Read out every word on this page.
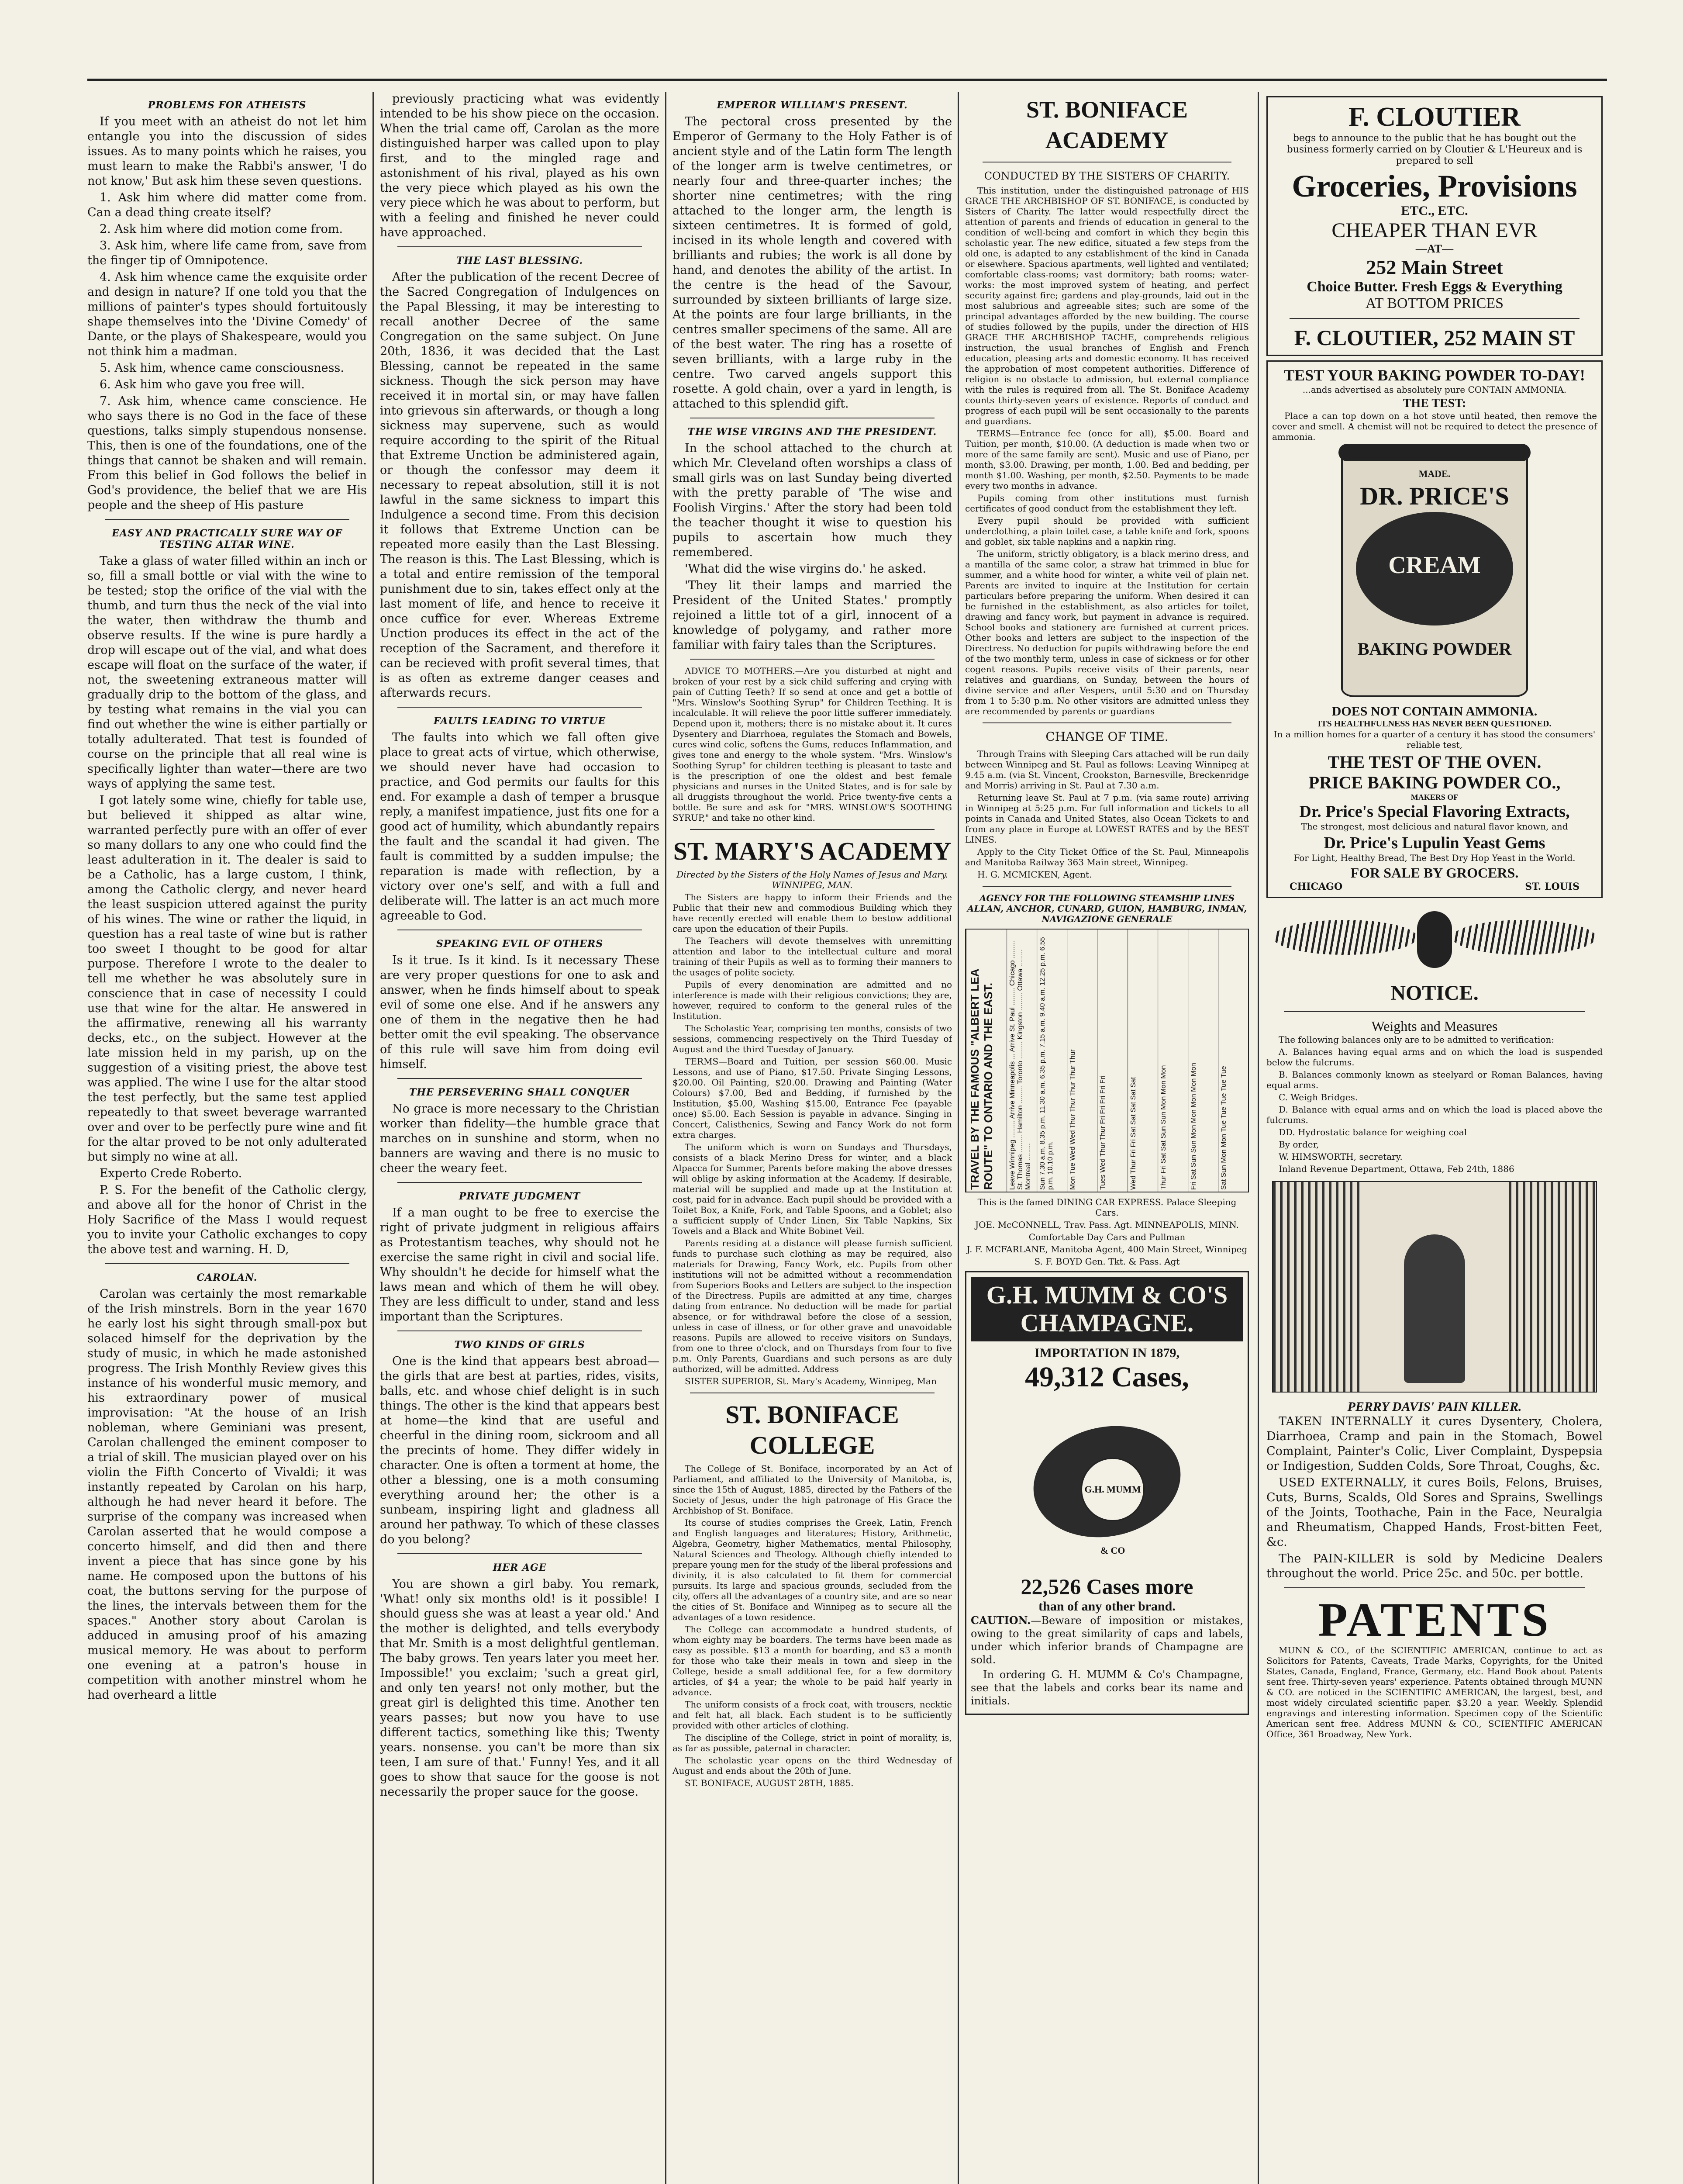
PROBLEMS FOR ATHEISTS

If you meet with an atheist do not let him entangle you into the discussion of sides issues. As to many points which he raises, you must learn to make the Rabbi's answer, 'I do not know,' But ask him these seven questions.

1. Ask him where did matter come from. Can a dead thing create itself?

2. Ask him where did motion come from.

3. Ask him, where life came from, save from the finger tip of Omnipotence.

4. Ask him whence came the exquisite order and design in nature? If one told you that the millions of painter's types should fortuitously shape themselves into the 'Divine Comedy' of Dante, or the plays of Shakespeare, would you not think him a madman.

5. Ask him, whence came consciousness.

6. Ask him who gave you free will.

7. Ask him, whence came conscience. He who says there is no God in the face of these questions, talks simply stupendous nonsense. This, then is one of the foundations, one of the things that cannot be shaken and will remain. From this belief in God follows the belief in God's providence, the belief that we are His people and the sheep of His pasture

EASY AND PRACTICALLY SURE WAY OF TESTING ALTAR WINE.

Take a glass of water filled within an inch or so, fill a small bottle or vial with the wine to be tested; stop the orifice of the vial with the thumb, and turn thus the neck of the vial into the water, then withdraw the thumb and observe results. If the wine is pure hardly a drop will escape out of the vial, and what does escape will float on the surface of the water, if not, the sweetening extraneous matter will gradually drip to the bottom of the glass, and by testing what remains in the vial you can find out whether the wine is either partially or totally adulterated. That test is founded of course on the principle that all real wine is specifically lighter than water—there are two ways of applying the same test.

I got lately some wine, chiefly for table use, but believed it shipped as altar wine, warranted perfectly pure with an offer of ever so many dollars to any one who could find the least adulteration in it. The dealer is said to be a Catholic, has a large custom, I think, among the Catholic clergy, and never heard the least suspicion uttered against the purity of his wines. The wine or rather the liquid, in question has a real taste of wine but is rather too sweet I thought to be good for altar purpose. Therefore I wrote to the dealer to tell me whether he was absolutely sure in conscience that in case of necessity I could use that wine for the altar. He answered in the affirmative, renewing all his warranty decks, etc., on the subject. However at the late mission held in my parish, up on the suggestion of a visiting priest, the above test was applied. The wine I use for the altar stood the test perfectly, but the same test applied repeatedly to that sweet beverage warranted over and over to be perfectly pure wine and fit for the altar proved to be not only adulterated but simply no wine at all.

Experto Crede Roberto.

P. S. For the benefit of the Catholic clergy, and above all for the honor of Christ in the Holy Sacrifice of the Mass I would request you to invite your Catholic exchanges to copy the above test and warning. H. D,

CAROLAN.

Carolan was certainly the most remarkable of the Irish minstrels. Born in the year 1670 he early lost his sight through small-pox but solaced himself for the deprivation by the study of music, in which he made astonished progress. The Irish Monthly Review gives this instance of his wonderful music memory, and his extraordinary power of musical improvisation: "At the house of an Irish nobleman, where Geminiani was present, Carolan challenged the eminent composer to a trial of skill. The musician played over on his violin the Fifth Concerto of Vivaldi; it was instantly repeated by Carolan on his harp, although he had never heard it before. The surprise of the company was increased when Carolan asserted that he would compose a concerto himself, and did then and there invent a piece that has since gone by his name. He composed upon the buttons of his coat, the buttons serving for the purpose of the lines, the intervals between them for the spaces." Another story about Carolan is adduced in amusing proof of his amazing musical memory. He was about to perform one evening at a patron's house in competition with another minstrel whom he had overheard a little

previously practicing what was evidently intended to be his show piece on the occasion. When the trial came off, Carolan as the more distinguished harper was called upon to play first, and to the mingled rage and astonishment of his rival, played as his own the very piece which played as his own the very piece which he was about to perform, but with a feeling and finished he never could have approached.

THE LAST BLESSING.

After the publication of the recent Decree of the Sacred Congregation of Indulgences on the Papal Blessing, it may be interesting to recall another Decree of the same Congregation on the same subject. On June 20th, 1836, it was decided that the Last Blessing, cannot be repeated in the same sickness. Though the sick person may have received it in mortal sin, or may have fallen into grievous sin afterwards, or though a long sickness may supervene, such as would require according to the spirit of the Ritual that Extreme Unction be administered again, or though the confessor may deem it necessary to repeat absolution, still it is not lawful in the same sickness to impart this Indulgence a second time. From this decision it follows that Extreme Unction can be repeated more easily than the Last Blessing. The reason is this. The Last Blessing, which is a total and entire remission of the temporal punishment due to sin, takes effect only at the last moment of life, and hence to receive it once cuffice for ever. Whereas Extreme Unction produces its effect in the act of the reception of the Sacrament, and therefore it can be recieved with profit several times, that is as often as extreme danger ceases and afterwards recurs.

FAULTS LEADING TO VIRTUE

The faults into which we fall often give place to great acts of virtue, which otherwise, we should never have had occasion to practice, and God permits our faults for this end. For example a dash of temper a brusque reply, a manifest impatience, just fits one for a good act of humility, which abundantly repairs the fault and the scandal it had given. The fault is committed by a sudden impulse; the reparation is made with reflection, by a victory over one's self, and with a full and deliberate will. The latter is an act much more agreeable to God.

SPEAKING EVIL OF OTHERS

Is it true. Is it kind. Is it necessary These are very proper questions for one to ask and answer, when he finds himself about to speak evil of some one else. And if he answers any one of them in the negative then he had better omit the evil speaking. The observance of this rule will save him from doing evil himself.

THE PERSEVERING SHALL CONQUER

No grace is more necessary to the Christian worker than fidelity—the humble grace that marches on in sunshine and storm, when no banners are waving and there is no music to cheer the weary feet.

PRIVATE JUDGMENT

If a man ought to be free to exercise the right of private judgment in religious affairs as Protestantism teaches, why should not he exercise the same right in civil and social life. Why shouldn't he decide for himself what the laws mean and which of them he will obey. They are less difficult to under, stand and less important than the Scriptures.

TWO KINDS OF GIRLS

One is the kind that appears best abroad—the girls that are best at parties, rides, visits, balls, etc. and whose chief delight is in such things. The other is the kind that appears best at home—the kind that are useful and cheerful in the dining room, sickroom and all the precints of home. They differ widely in character. One is often a torment at home, the other a blessing, one is a moth consuming everything around her; the other is a sunbeam, inspiring light and gladness all around her pathway. To which of these classes do you belong?

HER AGE

You are shown a girl baby. You remark, 'What! only six months old! is it possible! I should guess she was at least a year old.' And the mother is delighted, and tells everybody that Mr. Smith is a most delightful gentleman. The baby grows. Ten years later you meet her. Impossible!' you exclaim; 'such a great girl, and only ten years! not only mother, but the great girl is delighted this time. Another ten years passes; but now you have to use different tactics, something like this; Twenty years. nonsense. you can't be more than six teen, I am sure of that.' Funny! Yes, and it all goes to show that sauce for the goose is not necessarily the proper sauce for the goose.

EMPEROR WILLIAM'S PRESENT.

The pectoral cross presented by the Emperor of Germany to the Holy Father is of ancient style and of the Latin form The length of the longer arm is twelve centimetres, or nearly four and three-quarter inches; the shorter nine centimetres; with the ring attached to the longer arm, the length is sixteen centimetres. It is formed of gold, incised in its whole length and covered with brilliants and rubies; the work is all done by hand, and denotes the ability of the artist. In the centre is the head of the Savour, surrounded by sixteen brilliants of large size. At the points are four large brilliants, in the centres smaller specimens of the same. All are of the best water. The ring has a rosette of seven brilliants, with a large ruby in the centre. Two carved angels support this rosette. A gold chain, over a yard in length, is attached to this splendid gift.

THE WISE VIRGINS AND THE PRESIDENT.

In the school attached to the church at which Mr. Cleveland often worships a class of small girls was on last Sunday being diverted with the pretty parable of 'The wise and Foolish Virgins.' After the story had been told the teacher thought it wise to question his pupils to ascertain how much they remembered.

'What did the wise virgins do.' he asked.

'They lit their lamps and married the President of the United States.' promptly rejoined a little tot of a girl, innocent of a knowledge of polygamy, and rather more familiar with fairy tales than the Scriptures.

ADVICE TO MOTHERS.—Are you disturbed at night and broken of your rest by a sick child suffering and crying with pain of Cutting Teeth? If so send at once and get a bottle of "Mrs. Winslow's Soothing Syrup" for Children Teething. It is incalculable. It will relieve the poor little sufferer immediately. Depend upon it, mothers; there is no mistake about it. It cures Dysentery and Diarrhoea, regulates the Stomach and Bowels, cures wind colic, softens the Gums, reduces Inflammation, and gives tone and energy to the whole system. "Mrs. Winslow's Soothing Syrup" for children teething is pleasant to taste and is the prescription of one the oldest and best female physicians and nurses in the United States, and is for sale by all druggists throughout the world. Price twenty-five cents a bottle. Be sure and ask for "MRS. WINSLOW'S SOOTHING SYRUP," and take no other kind.

ST. MARY'S ACADEMY

Directed by the Sisters of the Holy Names of Jesus and Mary. WINNIPEG, MAN.

The Sisters are happy to inform their Friends and the Public that their new and commodious Building which they have recently erected will enable them to bestow additional care upon the education of their Pupils.

The Teachers will devote themselves with unremitting attention and labor to the intellectual culture and moral training of their Pupils as well as to forming their manners to the usages of polite society.

Pupils of every denomination are admitted and no interference is made with their religious convictions; they are, however, required to conform to the general rules of the Institution.

The Scholastic Year, comprising ten months, consists of two sessions, commencing respectively on the Third Tuesday of August and the third Tuesday of January.

TERMS—Board and Tuition, per session $60.00. Music Lessons, and use of Piano, $17.50. Private Singing Lessons, $20.00. Oil Painting, $20.00. Drawing and Painting (Water Colours) $7.00, Bed and Bedding, if furnished by the Institution, $5.00, Washing $15.00, Entrance Fee (payable once) $5.00. Each Session is payable in advance. Singing in Concert, Calisthenics, Sewing and Fancy Work do not form extra charges.

The uniform which is worn on Sundays and Thursdays, consists of a black Merino Dress for winter, and a black Alpacca for Summer, Parents before making the above dresses will oblige by asking information at the Academy. If desirable, material will be supplied and made up at the Institution at cost, paid for in advance. Each pupil should be provided with a Toilet Box, a Knife, Fork, and Table Spoons, and a Goblet; also a sufficient supply of Under Linen, Six Table Napkins, Six Towels and a Black and White Bobinet Veil.

Parents residing at a distance will please furnish sufficient funds to purchase such clothing as may be required, also materials for Drawing, Fancy Work, etc. Pupils from other institutions will not be admitted without a recommendation from Superiors Books and Letters are subject to the inspection of the Directress. Pupils are admitted at any time, charges dating from entrance. No deduction will be made for partial absence, or for withdrawal before the close of a session, unless in case of illness, or for other grave and unavoidable reasons. Pupils are allowed to receive visitors on Sundays, from one to three o'clock, and on Thursdays from four to five p.m. Only Parents, Guardians and such persons as are duly authorized, will be admitted. Address

SISTER SUPERIOR, St. Mary's Academy, Winnipeg, Man

ST. BONIFACE COLLEGE

The College of St. Boniface, incorporated by an Act of Parliament, and affiliated to the University of Manitoba, is, since the 15th of August, 1885, directed by the Fathers of the Society of Jesus, under the high patronage of His Grace the Archbishop of St. Boniface.

Its course of studies comprises the Greek, Latin, French and English languages and literatures; History, Arithmetic, Algebra, Geometry, higher Mathematics, mental Philosophy, Natural Sciences and Theology. Although chiefly intended to prepare young men for the study of the liberal professions and divinity, it is also calculated to fit them for commercial pursuits. Its large and spacious grounds, secluded from the city, offers all the advantages of a country site, and are so near the cities of St. Boniface and Winnipeg as to secure all the advantages of a town residence.

The College can accommodate a hundred students, of whom eighty may be boarders. The terms have been made as easy as possible. $13 a month for boarding, and $3 a month for those who take their meals in town and sleep in the College, beside a small additional fee, for a few dormitory articles, of $4 a year; the whole to be paid half yearly in advance.

The uniform consists of a frock coat, with trousers, necktie and felt hat, all black. Each student is to be sufficiently provided with other articles of clothing.

The discipline of the College, strict in point of morality, is, as far as possible, paternal in character.

The scholastic year opens on the third Wednesday of August and ends about the 20th of June.

ST. BONIFACE, AUGUST 28TH, 1885.

ST. BONIFACE ACADEMY

CONDUCTED BY THE SISTERS OF CHARITY.

This institution, under the distinguished patronage of HIS GRACE THE ARCHBISHOP OF ST. BONIFACE, is conducted by Sisters of Charity. The latter would respectfully direct the attention of parents and friends of education in general to the condition of well-being and comfort in which they begin this scholastic year. The new edifice, situated a few steps from the old one, is adapted to any establishment of the kind in Canada or elsewhere. Spacious apartments, well lighted and ventilated; comfortable class-rooms; vast dormitory; bath rooms; water-works: the most improved system of heating, and perfect security against fire; gardens and play-grounds, laid out in the most salubrious and agreeable sites; such are some of the principal advantages afforded by the new building. The course of studies followed by the pupils, under the direction of HIS GRACE THE ARCHBISHOP TACHE, comprehends religious instruction, the usual branches of English and French education, pleasing arts and domestic economy. It has received the approbation of most competent authorities. Difference of religion is no obstacle to admission, but external compliance with the rules is required from all. The St. Boniface Academy counts thirty-seven years of existence. Reports of conduct and progress of each pupil will be sent occasionally to the parents and guardians.

TERMS—Entrance fee (once for all), $5.00. Board and Tuition, per month, $10.00. (A deduction is made when two or more of the same family are sent). Music and use of Piano, per month, $3.00. Drawing, per month, 1.00. Bed and bedding, per month $1.00. Washing, per month, $2.50. Payments to be made every two months in advance.

Pupils coming from other institutions must furnish certificates of good conduct from the establishment they left.

Every pupil should be provided with sufficient underclothing, a plain toilet case, a table knife and fork, spoons and goblet, six table napkins and a napkin ring.

The uniform, strictly obligatory, is a black merino dress, and a mantilla of the same color, a straw hat trimmed in blue for summer, and a white hood for winter, a white veil of plain net. Parents are invited to inquire at the Institution for certain particulars before preparing the uniform. When desired it can be furnished in the establishment, as also articles for toilet, drawing and fancy work, but payment in advance is required. School books and stationery are furnished at current prices. Other books and letters are subject to the inspection of the Directress. No deduction for pupils withdrawing before the end of the two monthly term, unless in case of sickness or for other cogent reasons. Pupils receive visits of their parents, near relatives and guardians, on Sunday, between the hours of divine service and after Vespers, until 5:30 and on Thursday from 1 to 5:30 p.m. No other visitors are admitted unless they are recommended by parents or guardians

CHANGE OF TIME.

Through Trains with Sleeping Cars attached will be run daily between Winnipeg and St. Paul as follows: Leaving Winnipeg at 9.45 a.m. (via St. Vincent, Crookston, Barnesville, Breckenridge and Morris) arriving in St. Paul at 7.30 a.m.

Returning leave St. Paul at 7 p.m. (via same route) arriving in Winnipeg at 5:25 p.m. For full information and tickets to all points in Canada and United States, also Ocean Tickets to and from any place in Europe at LOWEST RATES and by the BEST LINES.

Apply to the City Ticket Office of the St. Paul, Minneapolis and Manitoba Railway 363 Main street, Winnipeg.

H. G. MCMICKEN, Agent.

AGENCY FOR THE FOLLOWING STEAMSHIP LINES ALLAN, ANCHOR, CUNARD, GUION, HAMBURG, INMAN, NAVIGAZIONE GENERALE

TRAVEL BY THE FAMOUS "ALBERT LEA ROUTE" TO ONTARIO AND THE EAST.	Leave Winnipeg ......... Arrive Minneapolis ... Arrive St. Paul ......... Chicago ......... St. Thomas ......... Hamilton ......... Toronto ......... Kingston ......... Ottawa ......... Montreal .........	Sun 7.30 a.m. 8.35 p.m. 11.30 a.m. 6.35 p.m. 7.15 a.m. 9.40 a.m. 12.25 p.m. 6.55 p.m. 10.10 p.m.	Mon Tue Wed Wed Thur Thur Thur Thur Thur	Tues Wed Thur Thur Fri Fri Fri Fri Fri	Wed Thur Fri Fri Sat Sat Sat Sat Sat	Thur Fri Sat Sat Sun Sun Mon Mon Mon	Fri Sat Sun Sun Mon Mon Mon Mon Mon	Sat Sun Mon Mon Tue Tue Tue Tue Tue

This is the famed DINING CAR EXPRESS. Palace Sleeping Cars.

JOE. McCONNELL, Trav. Pass. Agt. MINNEAPOLIS, MINN.

Comfortable Day Cars and Pullman

J. F. MCFARLANE, Manitoba Agent, 400 Main Street, Winnipeg

S. F. BOYD Gen. Tkt. & Pass. Agt

G.H. MUMM & CO'S CHAMPAGNE.
IMPORTATION IN 1879,
49,312 Cases,
G.H. MUMM & CO
22,526 Cases more
than of any other brand.

CAUTION.—Beware of imposition or mistakes, owing to the great similarity of caps and labels, under which inferior brands of Champagne are sold.

In ordering G. H. MUMM & Co's Champagne, see that the labels and corks bear its name and initials.

F. CLOUTIER

begs to announce to the public that he has bought out the business formerly carried on by Cloutier & L'Heureux and is prepared to sell

Groceries, Provisions
ETC., ETC.
CHEAPER THAN EVR
—AT—
252 Main Street
Choice Butter. Fresh Eggs & Everything
AT BOTTOM PRICES
F. CLOUTIER, 252 MAIN ST
TEST YOUR BAKING POWDER TO-DAY!

...ands advertised as absolutely pure CONTAIN AMMONIA.

THE TEST:

Place a can top down on a hot stove until heated, then remove the cover and smell. A chemist will not be required to detect the presence of ammonia.

MADE.
DR. PRICE'S
CREAM
BAKING POWDER
DOES NOT CONTAIN AMMONIA.
ITS HEALTHFULNESS HAS NEVER BEEN QUESTIONED.

In a million homes for a quarter of a century it has stood the consumers' reliable test,

THE TEST OF THE OVEN.
PRICE BAKING POWDER CO.,
MAKERS OF
Dr. Price's Special Flavoring Extracts,

The strongest, most delicious and natural flavor known, and

Dr. Price's Lupulin Yeast Gems

For Light, Healthy Bread, The Best Dry Hop Yeast in the World.

FOR SALE BY GROCERS.
CHICAGO	ST. LOUIS
NOTICE.
Weights and Measures

The following balances only are to be admitted to verification:

A. Balances having equal arms and on which the load is suspended below the fulcrums.

B. Balances commonly known as steelyard or Roman Balances, having equal arms.

C. Weigh Bridges.

D. Balance with equal arms and on which the load is placed above the fulcrums.

DD. Hydrostatic balance for weighing coal

By order,

W. HIMSWORTH, secretary.

Inland Revenue Department, Ottawa, Feb 24th, 1886

PERRY DAVIS' PAIN KILLER.

TAKEN INTERNALLY it cures Dysentery, Cholera, Diarrhoea, Cramp and pain in the Stomach, Bowel Complaint, Painter's Colic, Liver Complaint, Dyspepsia or Indigestion, Sudden Colds, Sore Throat, Coughs, &c.

USED EXTERNALLY, it cures Boils, Felons, Bruises, Cuts, Burns, Scalds, Old Sores and Sprains, Swellings of the Joints, Toothache, Pain in the Face, Neuralgia and Rheumatism, Chapped Hands, Frost-bitten Feet, &c.

The PAIN-KILLER is sold by Medicine Dealers throughout the world. Price 25c. and 50c. per bottle.

PATENTS

MUNN & CO., of the SCIENTIFIC AMERICAN, continue to act as Solicitors for Patents, Caveats, Trade Marks, Copyrights, for the United States, Canada, England, France, Germany, etc. Hand Book about Patents sent free. Thirty-seven years' experience. Patents obtained through MUNN & CO. are noticed in the SCIENTIFIC AMERICAN, the largest, best, and most widely circulated scientific paper. $3.20 a year. Weekly. Splendid engravings and interesting information. Specimen copy of the Scientific American sent free. Address MUNN & CO., SCIENTIFIC AMERICAN Office, 361 Broadway, New York.
